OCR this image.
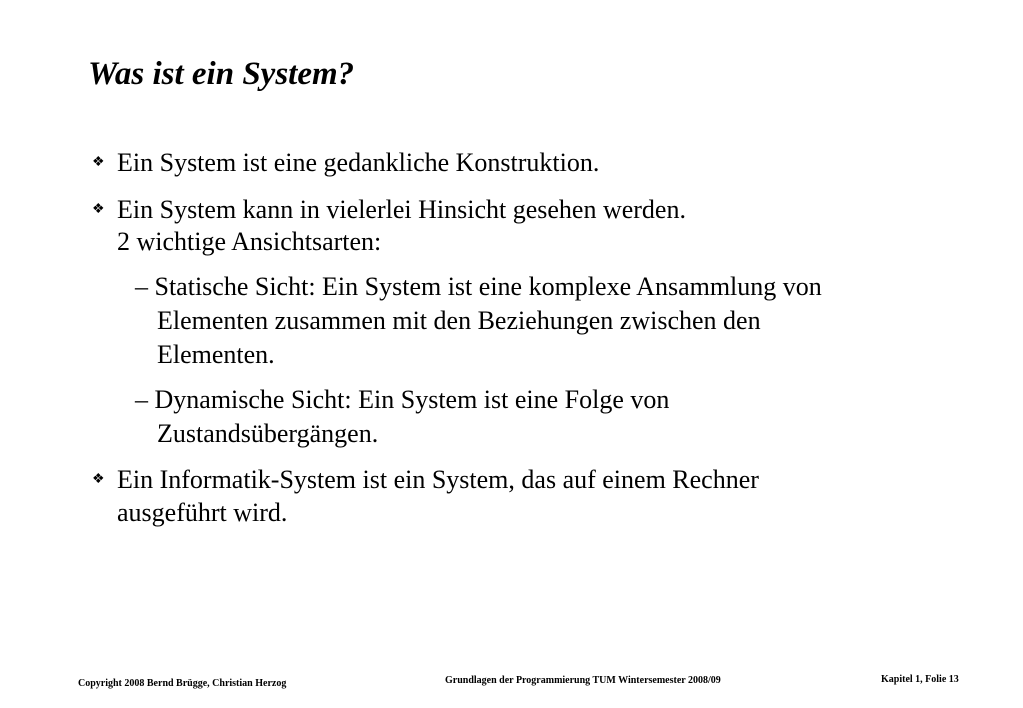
Was ist ein System?
❖ Ein System ist eine gedankliche Konstruktion.
❖ Ein System kann in vielerlei Hinsicht gesehen werden.
2 wichtige Ansichtsarten:
– Statische Sicht: Ein System ist eine komplexe Ansammlung von
Elementen zusammen mit den Beziehungen zwischen den
Elementen.
– Dynamische Sicht: Ein System ist eine Folge von
Zustandsübergängen.
❖ Ein Informatik-System ist ein System, das auf einem Rechner
ausgeführt wird.
Copyright 2008 Bernd Brügge, Christian Herzog	Grundlagen der Programmierung TUM Wintersemester 2008/09	Kapitel 1, Folie 13
